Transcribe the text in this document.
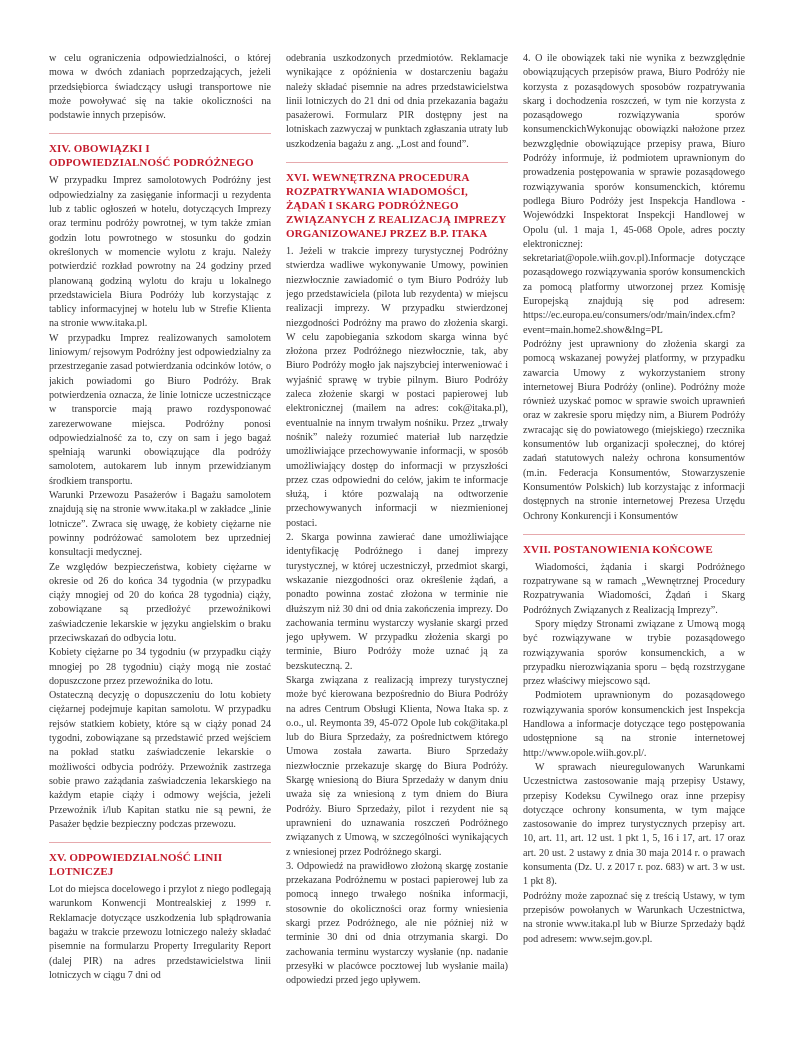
w celu ograniczenia odpowiedzialności, o której mowa w dwóch zdaniach poprzedzających, jeżeli przedsiębiorca świadczący usługi transportowe nie może powoływać się na takie okoliczności na podstawie innych przepisów.

XIV. OBOWIĄZKI I ODPOWIEDZIALNOŚĆ PODRÓŻNEGO

W przypadku Imprez samolotowych Podróżny jest odpowiedzialny za zasięganie informacji u rezydenta lub z tablic ogłoszeń w hotelu, dotyczących Imprezy oraz terminu podróży powrotnej, w tym także zmian godzin lotu powrotnego w stosunku do godzin określonych w momencie wylotu z kraju. Należy potwierdzić rozkład powrotny na 24 godziny przed planowaną godziną wylotu do kraju u lokalnego przedstawiciela Biura Podróży lub korzystając z tablicy informacyjnej w hotelu lub w Strefie Klienta na stronie www.itaka.pl.

W przypadku Imprez realizowanych samolotem liniowym/ rejsowym Podróżny jest odpowiedzialny za przestrzeganie zasad potwierdzania odcinków lotów, o jakich powiadomi go Biuro Podróży. Brak potwierdzenia oznacza, że linie lotnicze uczestniczące w transporcie mają prawo rozdysponować zarezerwowane miejsca. Podróżny ponosi odpowiedzialność za to, czy on sam i jego bagaż spełniają warunki obowiązujące dla podróży samolotem, autokarem lub innym przewidzianym środkiem transportu.

Warunki Przewozu Pasażerów i Bagażu samolotem znajdują się na stronie www.itaka.pl w zakładce „linie lotnicze”. Zwraca się uwagę, że kobiety ciężarne nie powinny podróżować samolotem bez uprzedniej konsultacji medycznej.

Ze względów bezpieczeństwa, kobiety ciężarne w okresie od 26 do końca 34 tygodnia (w przypadku ciąży mnogiej od 20 do końca 28 tygodnia) ciąży, zobowiązane są przedłożyć przewoźnikowi zaświadczenie lekarskie w języku angielskim o braku przeciwskazań do odbycia lotu.

Kobiety ciężarne po 34 tygodniu (w przypadku ciąży mnogiej po 28 tygodniu) ciąży mogą nie zostać dopuszczone przez przewoźnika do lotu.

Ostateczną decyzję o dopuszczeniu do lotu kobiety ciężarnej podejmuje kapitan samolotu. W przypadku rejsów statkiem kobiety, które są w ciąży ponad 24 tygodni, zobowiązane są przedstawić przed wejściem na pokład statku zaświadczenie lekarskie o możliwości odbycia podróży. Przewoźnik zastrzega sobie prawo zażądania zaświadczenia lekarskiego na każdym etapie ciąży i odmowy wejścia, jeżeli Przewoźnik i/lub Kapitan statku nie są pewni, że Pasażer będzie bezpieczny podczas przewozu.

XV. ODPOWIEDZIALNOŚĆ LINII LOTNICZEJ

Lot do miejsca docelowego i przylot z niego podlegają warunkom Konwencji Montrealskiej z 1999 r. Reklamacje dotyczące uszkodzenia lub spłądrowania bagażu w trakcie przewozu lotniczego należy składać pisemnie na formularzu Property Irregularity Report (dalej PIR) na adres przedstawicielstwa linii lotniczych w ciągu 7 dni od

odebrania uszkodzonych przedmiotów. Reklamacje wynikające z opóźnienia w dostarczeniu bagażu należy składać pisemnie na adres przedstawicielstwa linii lotniczych do 21 dni od dnia przekazania bagażu pasażerowi. Formularz PIR dostępny jest na lotniskach zazwyczaj w punktach zgłaszania utraty lub uszkodzenia bagażu z ang. „Lost and found”.

XVI. WEWNĘTRZNA PROCEDURA ROZPATRYWANIA WIADOMOŚCI, ŻĄDAŃ I SKARG PODRÓŻNEGO ZWIĄZANYCH Z REALIZACJĄ IMPREZY ORGANIZOWANEJ PRZEZ B.P. ITAKA

1. Jeżeli w trakcie imprezy turystycznej Podróżny stwierdza wadliwe wykonywanie Umowy, powinien niezwłocznie zawiadomić o tym Biuro Podróży lub jego przedstawiciela (pilota lub rezydenta) w miejscu realizacji imprezy. W przypadku stwierdzonej niezgodności Podróżny ma prawo do złożenia skargi. W celu zapobiegania szkodom skarga winna być złożona przez Podróżnego niezwłocznie, tak, aby Biuro Podróży mogło jak najszybciej interweniować i wyjaśnić sprawę w trybie pilnym. Biuro Podróży zaleca złożenie skargi w postaci papierowej lub elektronicznej (mailem na adres: cok@itaka.pl), eventualnie na innym trwałym nośniku. Przez „trwały nośnik” należy rozumieć materiał lub narzędzie umożliwiające przechowywanie informacji, w sposób umożliwiający dostęp do informacji w przyszłości przez czas odpowiedni do celów, jakim te informacje służą, i które pozwalają na odtworzenie przechowywanych informacji w niezmienionej postaci.

2. Skarga powinna zawierać dane umożliwiające identyfikację Podróżnego i danej imprezy turystycznej, w której uczestniczył, przedmiot skargi, wskazanie niezgodności oraz określenie żądań, a ponadto powinna zostać złożona w terminie nie dłuższym niż 30 dni od dnia zakończenia imprezy. Do zachowania terminu wystarczy wysłanie skargi przed jego upływem. W przypadku złożenia skargi po terminie, Biuro Podróży może uznać ją za bezskuteczną. 2.

Skarga związana z realizacją imprezy turystycznej może być kierowana bezpośrednio do Biura Podróży na adres Centrum Obsługi Klienta, Nowa Itaka sp. z o.o., ul. Reymonta 39, 45-072 Opole lub cok@itaka.pl lub do Biura Sprzedaży, za pośrednictwem którego Umowa została zawarta. Biuro Sprzedaży niezwłocznie przekazuje skargę do Biura Podróży. Skargę wniesioną do Biura Sprzedaży w danym dniu uważa się za wniesioną z tym dniem do Biura Podróży. Biuro Sprzedaży, pilot i rezydent nie są uprawnieni do uznawania roszczeń Podróżnego związanych z Umową, w szczególności wynikających z wniesionej przez Podróżnego skargi.

3. Odpowiedź na prawidłowo złożoną skargę zostanie przekazana Podróżnemu w postaci papierowej lub za pomocą innego trwałego nośnika informacji, stosownie do okoliczności oraz formy wniesienia skargi przez Podróżnego, ale nie później niż w terminie 30 dni od dnia otrzymania skargi. Do zachowania terminu wystarczy wysłanie (np. nadanie przesyłki w placówce pocztowej lub wysłanie maila) odpowiedzi przed jego upływem.

4. O ile obowiązek taki nie wynika z bezwzględnie obowiązujących przepisów prawa, Biuro Podróży nie korzysta z pozasądowych sposobów rozpatrywania skarg i dochodzenia roszczeń, w tym nie korzysta z pozasądowego rozwiązywania sporów konsumenckichWykonując obowiązki nałożone przez bezwzględnie obowiązujące przepisy prawa, Biuro Podróży informuje, iż podmiotem uprawnionym do prowadzenia postępowania w sprawie pozasądowego rozwiązywania sporów konsumenckich, któremu podlega Biuro Podróży jest Inspekcja Handlowa - Wojewódzki Inspektorat Inspekcji Handlowej w Opolu (ul. 1 maja 1, 45-068 Opole, adres poczty elektronicznej: sekretariat@opole.wiih.gov.pl).Informacje dotyczące pozasądowego rozwiązywania sporów konsumenckich za pomocą platformy utworzonej przez Komisję Europejską znajdują się pod adresem: https://ec.europa.eu/consumers/odr/main/index.cfm?event=main.home2.show&lng=PL

Podróżny jest uprawniony do złożenia skargi za pomocą wskazanej powyżej platformy, w przypadku zawarcia Umowy z wykorzystaniem strony internetowej Biura Podróży (online). Podróżny może również uzyskać pomoc w sprawie swoich uprawnień oraz w zakresie sporu między nim, a Biurem Podróży zwracając się do powiatowego (miejskiego) rzecznika konsumentów lub organizacji społecznej, do której zadań statutowych należy ochrona konsumentów (m.in. Federacja Konsumentów, Stowarzyszenie Konsumentów Polskich) lub korzystając z informacji dostępnych na stronie internetowej Prezesa Urzędu Ochrony Konkurencji i Konsumentów

XVII. POSTANOWIENIA KOŃCOWE

Wiadomości, żądania i skargi Podróżnego rozpatrywane są w ramach „Wewnętrznej Procedury Rozpatrywania Wiadomości, Żądań i Skarg Podróżnych Związanych z Realizacją Imprezy”.

Spory między Stronami związane z Umową mogą być rozwiązywane w trybie pozasądowego rozwiązywania sporów konsumenckich, a w przypadku nierozwiązania sporu – będą rozstrzygane przez właściwy miejscowo sąd.

Podmiotem uprawnionym do pozasądowego rozwiązywania sporów konsumenckich jest Inspekcja Handlowa a informacje dotyczące tego postępowania udostępnione są na stronie internetowej http://www.opole.wiih.gov.pl/.

W sprawach nieuregulowanych Warunkami Uczestnictwa zastosowanie mają przepisy Ustawy, przepisy Kodeksu Cywilnego oraz inne przepisy dotyczące ochrony konsumenta, w tym mające zastosowanie do imprez turystycznych przepisy art. 10, art. 11, art. 12 ust. 1 pkt 1, 5, 16 i 17, art. 17 oraz art. 20 ust. 2 ustawy z dnia 30 maja 2014 r. o prawach konsumenta (Dz. U. z 2017 r. poz. 683) w art. 3 w ust. 1 pkt 8).

Podróżny może zapoznać się z treścią Ustawy, w tym przepisów powołanych w Warunkach Uczestnictwa, na stronie www.itaka.pl lub w Biurze Sprzedaży bądź pod adresem: www.sejm.gov.pl.
